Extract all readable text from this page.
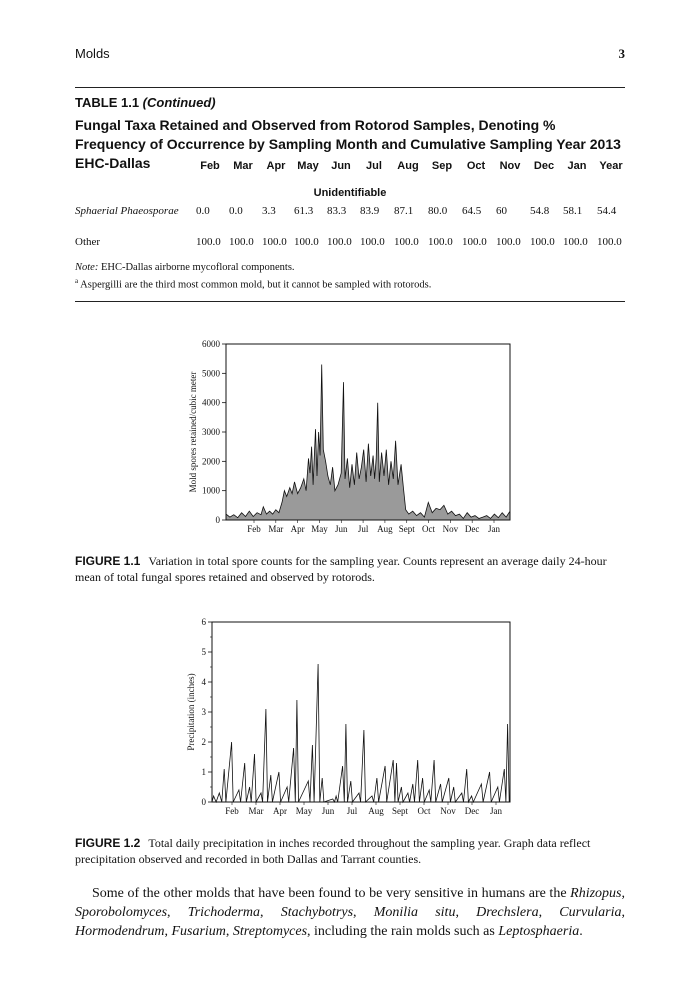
Molds	3
TABLE 1.1 (Continued)
Fungal Taxa Retained and Observed from Rotorod Samples, Denoting % Frequency of Occurrence by Sampling Month and Cumulative Sampling Year 2013 EHC-Dallas	Feb	Mar	Apr	May	Jun	Jul	Aug	Sep	Oct	Nov	Dec	Jan	Year
Sphaerial Phaeosporae 0.0	0.0	3.3	61.3	83.3	83.9	87.1	80.0	64.5	60	54.8	58.1	54.4
Other	100.0 100.0 100.0 100.0 100.0 100.0 100.0 100.0 100.0 100.0 100.0 100.0 100.0
Unidentifiable
Note: EHC-Dallas airborne mycofloral components.
$^a$ Aspergilli are the third most common mold, but it cannot be sampled with rotorods.
0
1000
2000
3000
4000
5000
6000
Feb Mar Apr May Jun Jul Aug Sept Oct Nov Dec Jan
Mold spores retained/cubic meter
FIGURE 1.1 Variation in total spore counts for the sampling year. Counts represent an average daily 24-hour mean of total fungal spores retained and observed by rotorods.
0
1
2
3
4
5
6
Feb Mar Apr May Jun Jul Aug Sept Oct Nov Dec Jan
Precipitation (inches)
FIGURE 1.2 Total daily precipitation in inches recorded throughout the sampling year. Graph data reflect precipitation observed and recorded in both Dallas and Tarrant counties.
Some of the other molds that have been found to be very sensitive in humans are the Rhizopus, Sporobolomyces, Trichoderma, Stachybotrys, Monilia situ, Drechslera, Curvularia, Hormodendrum, Fusarium, Streptomyces, including the rain molds such as Leptosphaeria.
